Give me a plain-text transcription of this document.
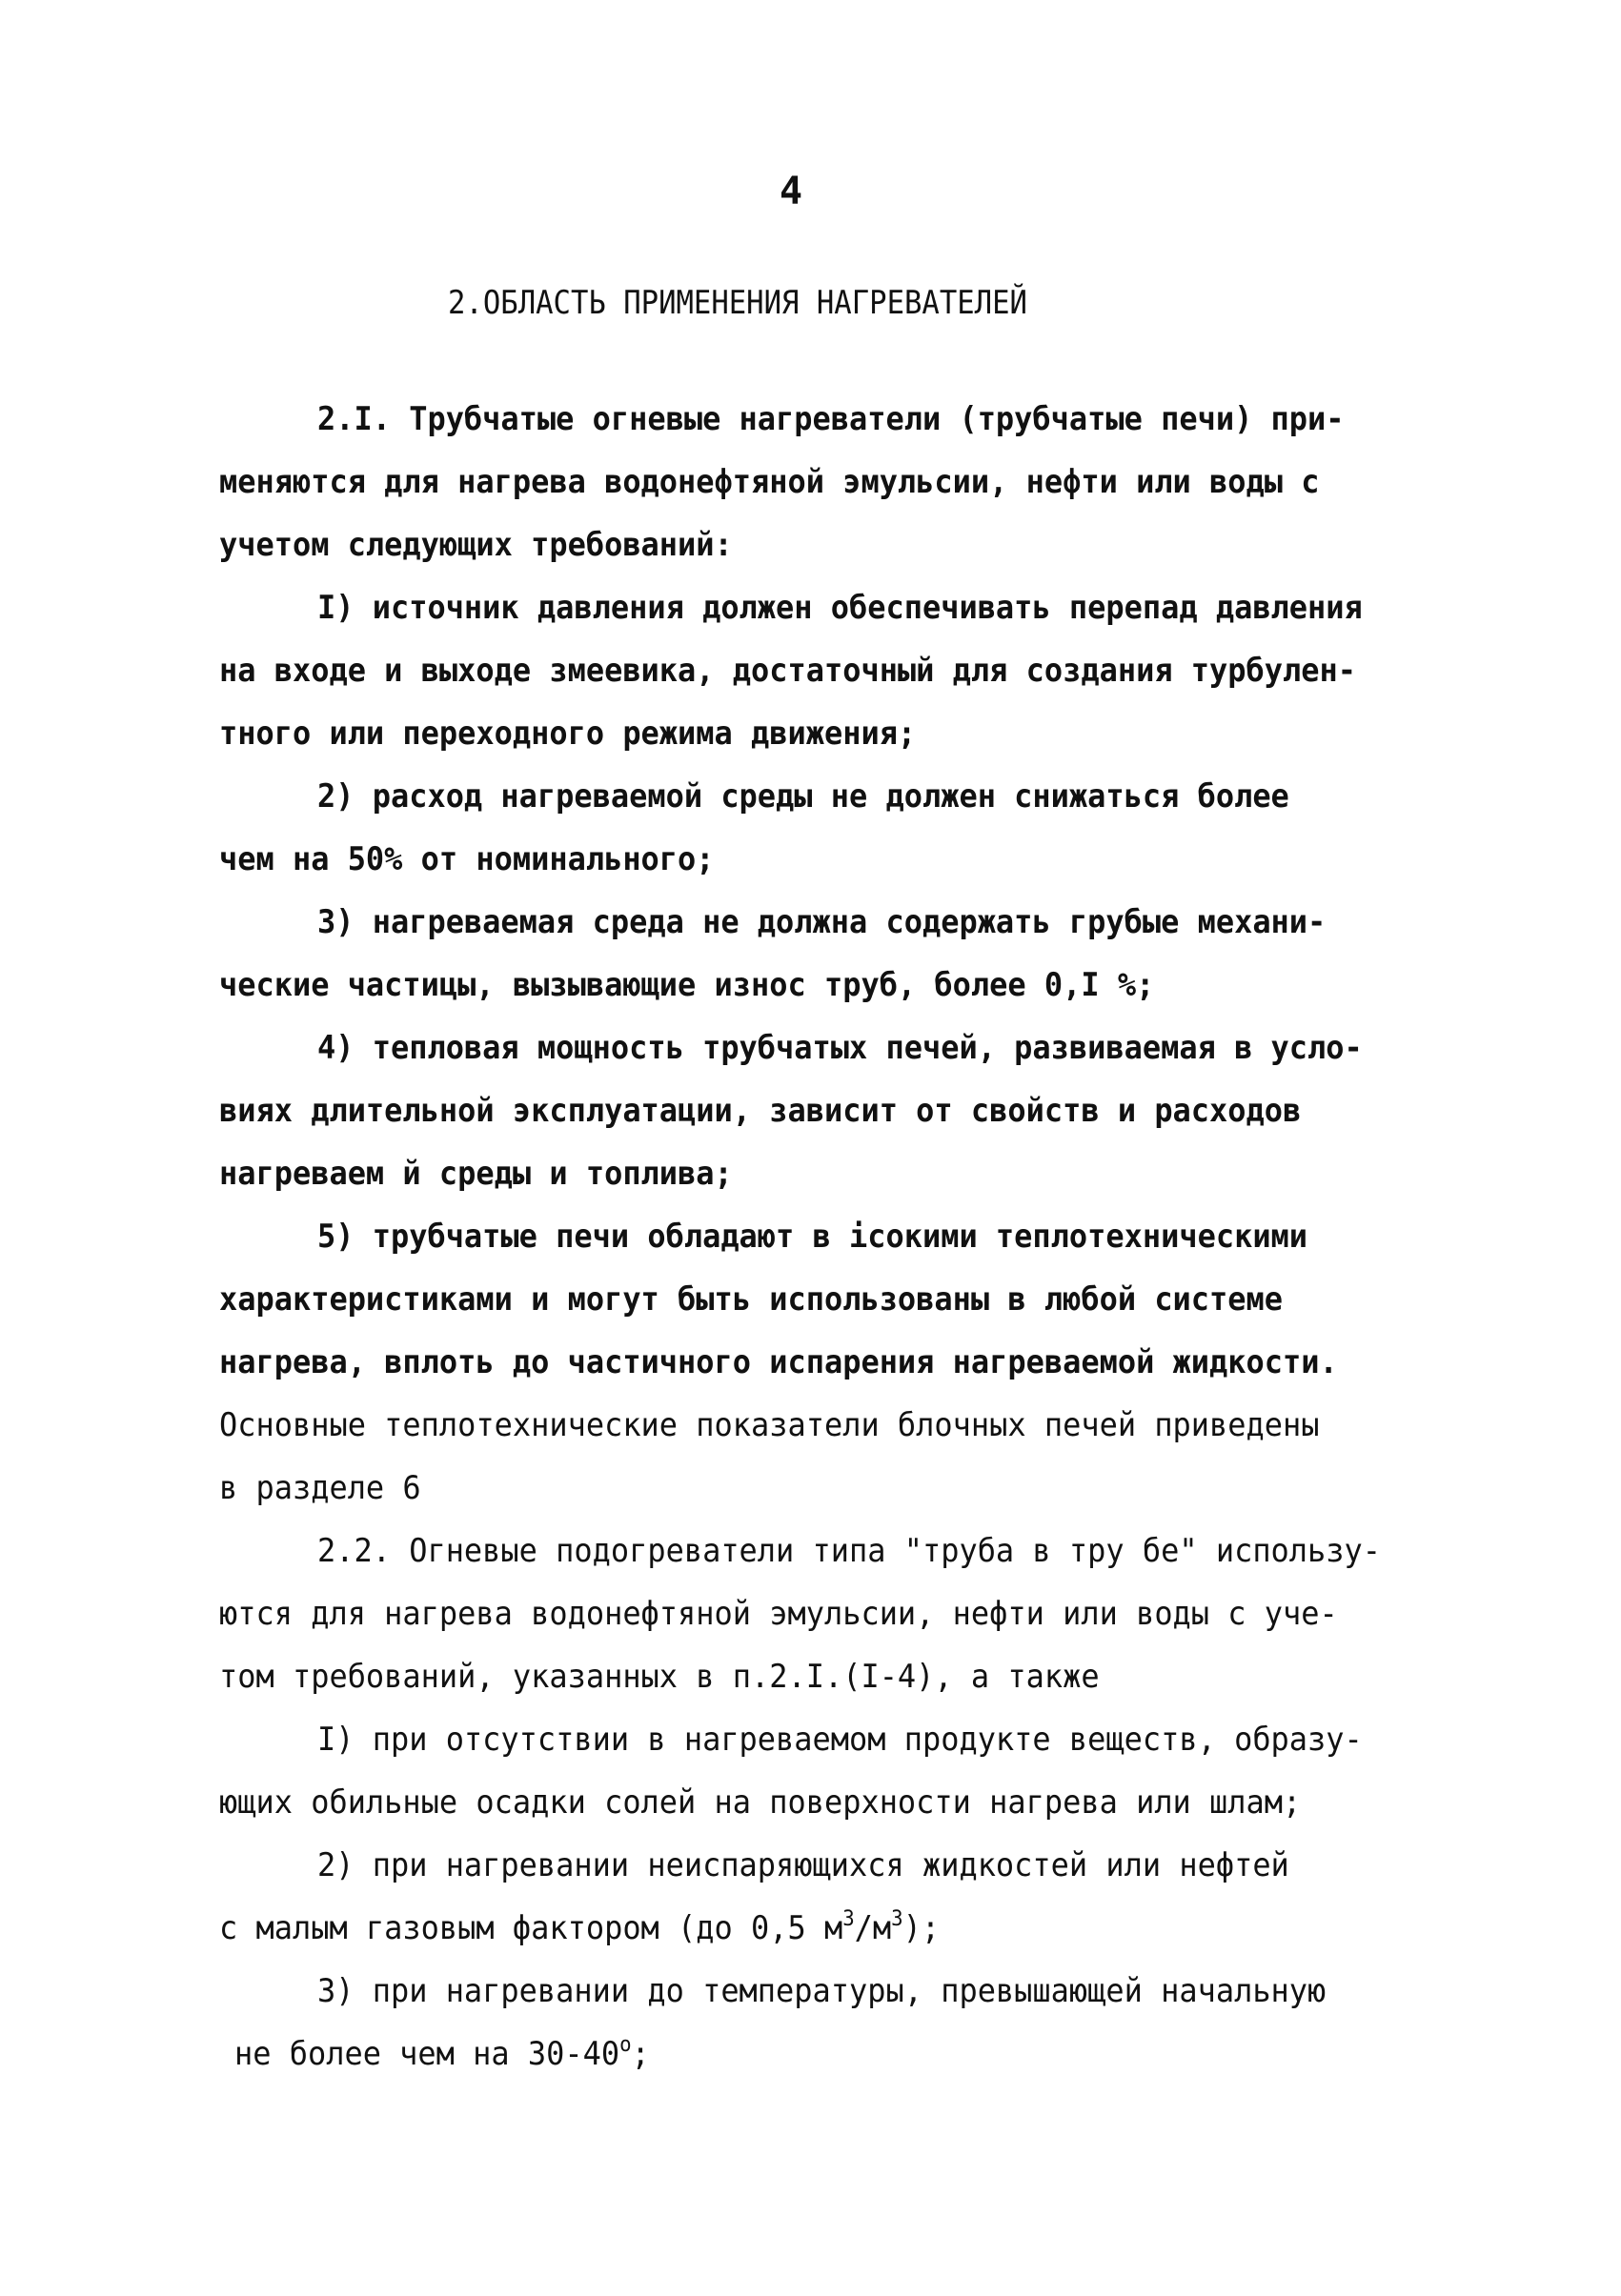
4
2.ОБЛАСТЬ ПРИМЕНЕНИЯ НАГРЕВАТЕЛЕЙ
2.I. Трубчатые огневые нагреватели (трубчатые печи) при-
меняются для нагрева водонефтяной эмульсии, нефти или воды с
учетом следующих требований:
I) источник давления должен обеспечивать перепад давления
на входе и выходе змеевика, достаточный для создания турбулен-
тного или переходного режима движения;
2) расход нагреваемой среды не должен снижаться более
чем на 50% от номинального;
3) нагреваемая среда не должна содержать грубые механи-
ческие частицы, вызывающие износ труб, более 0,I %;
4) тепловая мощность трубчатых печей, развиваемая в усло-
виях длительной эксплуатации, зависит от свойств и расходов
нагреваем й среды и топлива;
5) трубчатые печи обладают в ісокими теплотехническими
характеристиками и могут быть использованы в любой системе
нагрева, вплоть до частичного испарения нагреваемой жидкости.
Основные теплотехнические показатели блочных печей приведены
в разделе 6
2.2. Огневые подогреватели типа "труба в тру бе" использу-
ются для нагрева водонефтяной эмульсии, нефти или воды с уче-
том требований, указанных в п.2.I.(I-4), а также
I) при отсутствии в нагреваемом продукте веществ, образу-
ющих обильные осадки солей на поверхности нагрева или шлам;
2) при нагревании неиспаряющихся жидкостей или нефтей
с малым газовым фактором (до 0,5 $м^3/м^3$);
3) при нагревании до температуры, превышающей начальную
не более чем на $30-40^о$;
